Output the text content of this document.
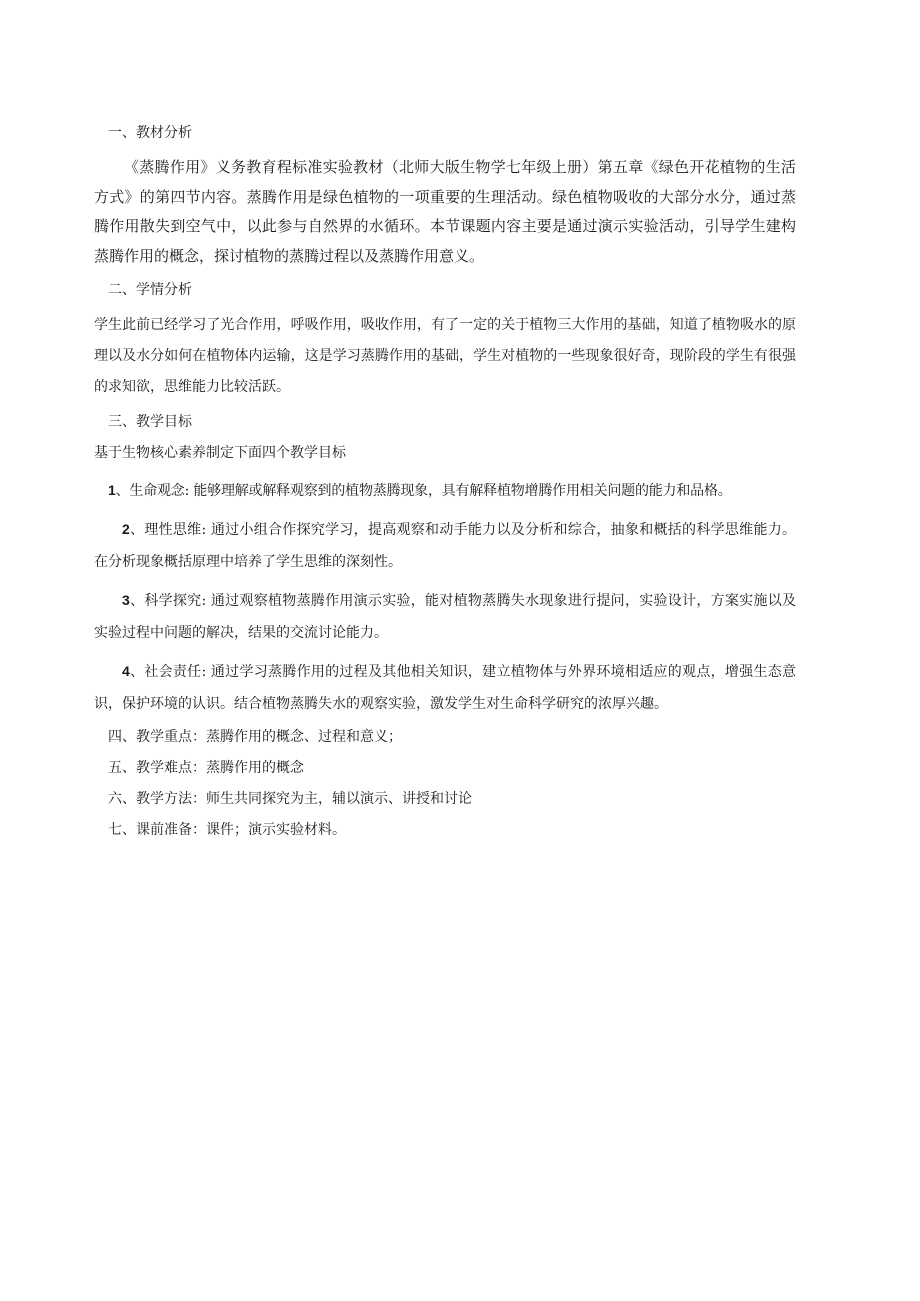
一、教材分析

《蒸腾作用》义务教育程标准实验教材（北师大版生物学七年级上册）第五章《绿色开花植物的生活方式》的第四节内容。蒸腾作用是绿色植物的一项重要的生理活动。绿色植物吸收的大部分水分，通过蒸腾作用散失到空气中，以此参与自然界的水循环。本节课题内容主要是通过演示实验活动，引导学生建构蒸腾作用的概念，探讨植物的蒸腾过程以及蒸腾作用意义。

二、学情分析

学生此前已经学习了光合作用，呼吸作用，吸收作用，有了一定的关于植物三大作用的基础，知道了植物吸水的原理以及水分如何在植物体内运输，这是学习蒸腾作用的基础，学生对植物的一些现象很好奇，现阶段的学生有很强的求知欲，思维能力比较活跃。

三、教学目标
基于生物核心素养制定下面四个教学目标

1、生命观念: 能够理解或解释观察到的植物蒸腾现象，具有解释植物增腾作用相关问题的能力和品格。

2、理性思维: 通过小组合作探究学习，提高观察和动手能力以及分析和综合，抽象和概括的科学思维能力。在分析现象概括原理中培养了学生思维的深刻性。

3、科学探究: 通过观察植物蒸腾作用演示实验，能对植物蒸腾失水现象进行提问，实验设计，方案实施以及实验过程中问题的解决，结果的交流讨论能力。

4、社会责任: 通过学习蒸腾作用的过程及其他相关知识，建立植物体与外界环境相适应的观点，增强生态意识，保护环境的认识。结合植物蒸腾失水的观察实验，激发学生对生命科学研究的浓厚兴趣。

四、教学重点：蒸腾作用的概念、过程和意义；
五、教学难点：蒸腾作用的概念
六、教学方法：师生共同探究为主，辅以演示、讲授和讨论
七、课前准备：课件；演示实验材料。
